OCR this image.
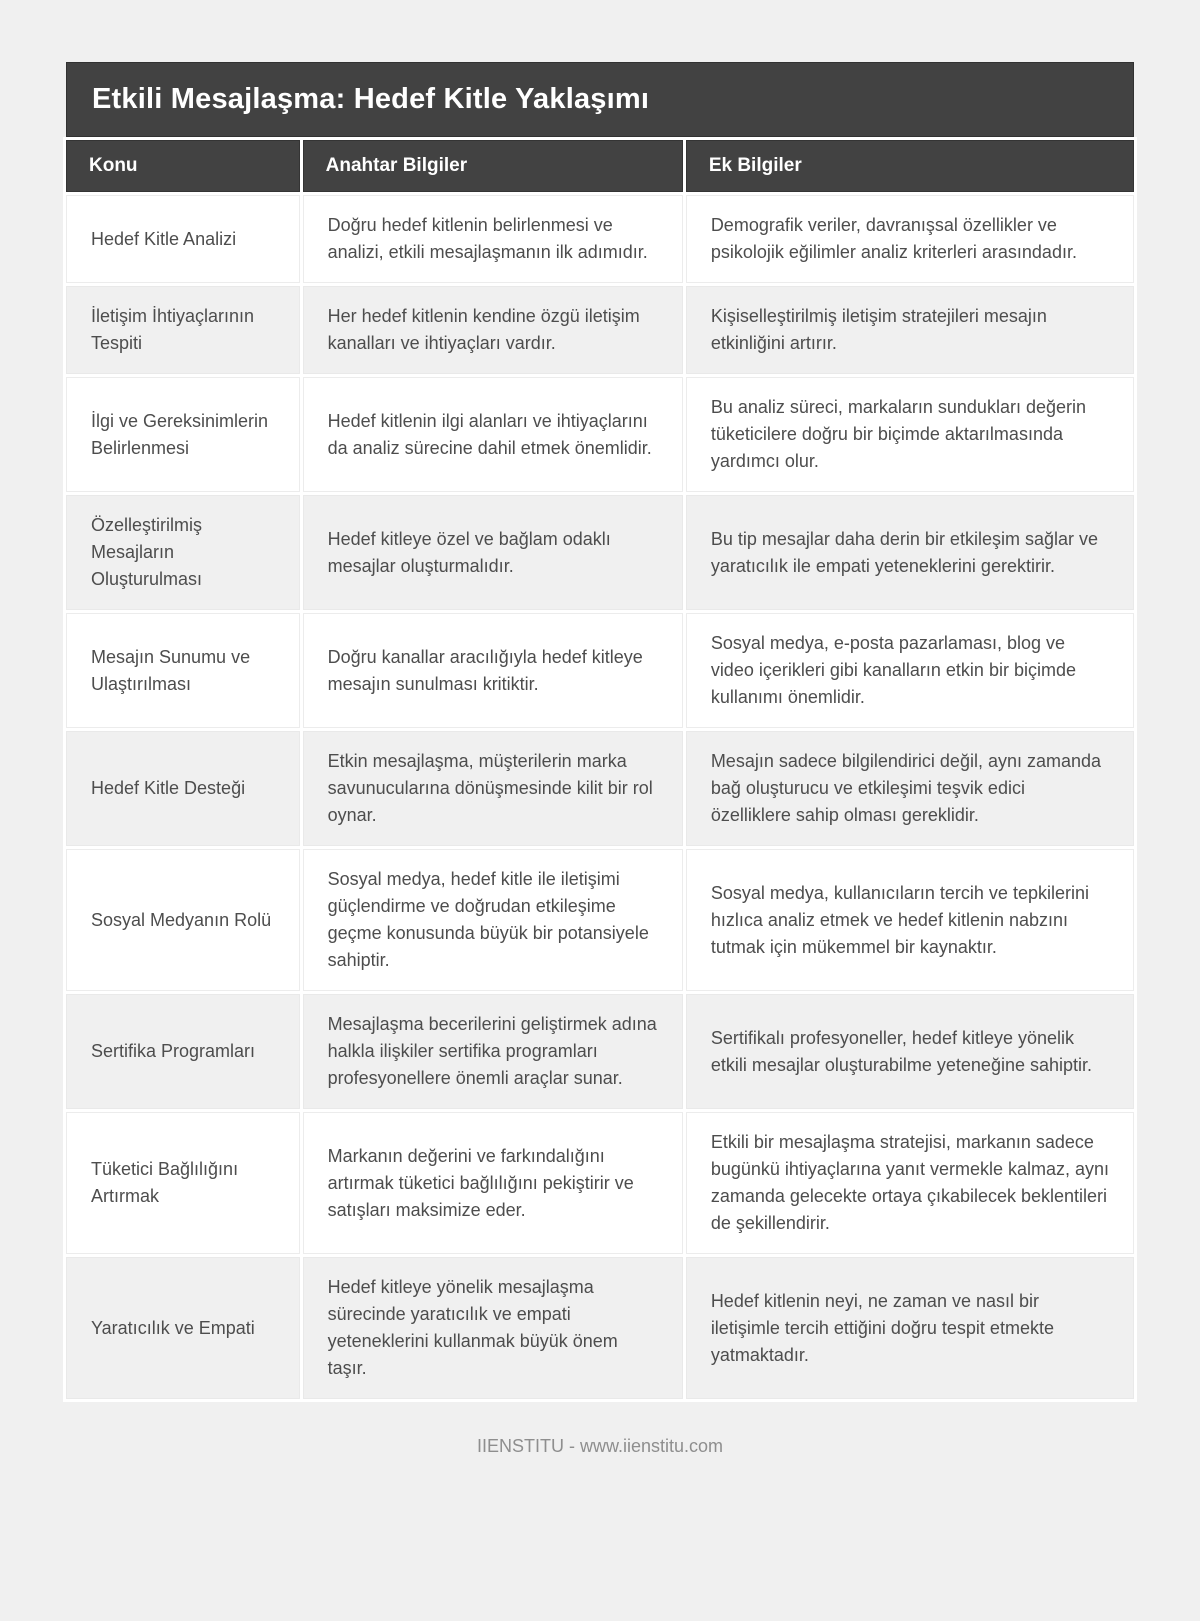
Etkili Mesajlaşma: Hedef Kitle Yaklaşımı
Konu	Anahtar Bilgiler	Ek Bilgiler
Hedef Kitle Analizi	Doğru hedef kitlenin belirlenmesi ve analizi, etkili mesajlaşmanın ilk adımıdır.	Demografik veriler, davranışsal özellikler ve psikolojik eğilimler analiz kriterleri arasındadır.
İletişim İhtiyaçlarının Tespiti	Her hedef kitlenin kendine özgü iletişim kanalları ve ihtiyaçları vardır.	Kişiselleştirilmiş iletişim stratejileri mesajın etkinliğini artırır.
İlgi ve Gereksinimlerin Belirlenmesi	Hedef kitlenin ilgi alanları ve ihtiyaçlarını da analiz sürecine dahil etmek önemlidir.	Bu analiz süreci, markaların sundukları değerin tüketicilere doğru bir biçimde aktarılmasında yardımcı olur.
Özelleştirilmiş Mesajların Oluşturulması	Hedef kitleye özel ve bağlam odaklı mesajlar oluşturmalıdır.	Bu tip mesajlar daha derin bir etkileşim sağlar ve yaratıcılık ile empati yeteneklerini gerektirir.
Mesajın Sunumu ve Ulaştırılması	Doğru kanallar aracılığıyla hedef kitleye mesajın sunulması kritiktir.	Sosyal medya, e-posta pazarlaması, blog ve video içerikleri gibi kanalların etkin bir biçimde kullanımı önemlidir.
Hedef Kitle Desteği	Etkin mesajlaşma, müşterilerin marka savunucularına dönüşmesinde kilit bir rol oynar.	Mesajın sadece bilgilendirici değil, aynı zamanda bağ oluşturucu ve etkileşimi teşvik edici özelliklere sahip olması gereklidir.
Sosyal Medyanın Rolü	Sosyal medya, hedef kitle ile iletişimi güçlendirme ve doğrudan etkileşime geçme konusunda büyük bir potansiyele sahiptir.	Sosyal medya, kullanıcıların tercih ve tepkilerini hızlıca analiz etmek ve hedef kitlenin nabzını tutmak için mükemmel bir kaynaktır.
Sertifika Programları	Mesajlaşma becerilerini geliştirmek adına halkla ilişkiler sertifika programları profesyonellere önemli araçlar sunar.	Sertifikalı profesyoneller, hedef kitleye yönelik etkili mesajlar oluşturabilme yeteneğine sahiptir.
Tüketici Bağlılığını Artırmak	Markanın değerini ve farkındalığını artırmak tüketici bağlılığını pekiştirir ve satışları maksimize eder.	Etkili bir mesajlaşma stratejisi, markanın sadece bugünkü ihtiyaçlarına yanıt vermekle kalmaz, aynı zamanda gelecekte ortaya çıkabilecek beklentileri de şekillendirir.
Yaratıcılık ve Empati	Hedef kitleye yönelik mesajlaşma sürecinde yaratıcılık ve empati yeteneklerini kullanmak büyük önem taşır.	Hedef kitlenin neyi, ne zaman ve nasıl bir iletişimle tercih ettiğini doğru tespit etmekte yatmaktadır.
IIENSTITU - www.iienstitu.com
